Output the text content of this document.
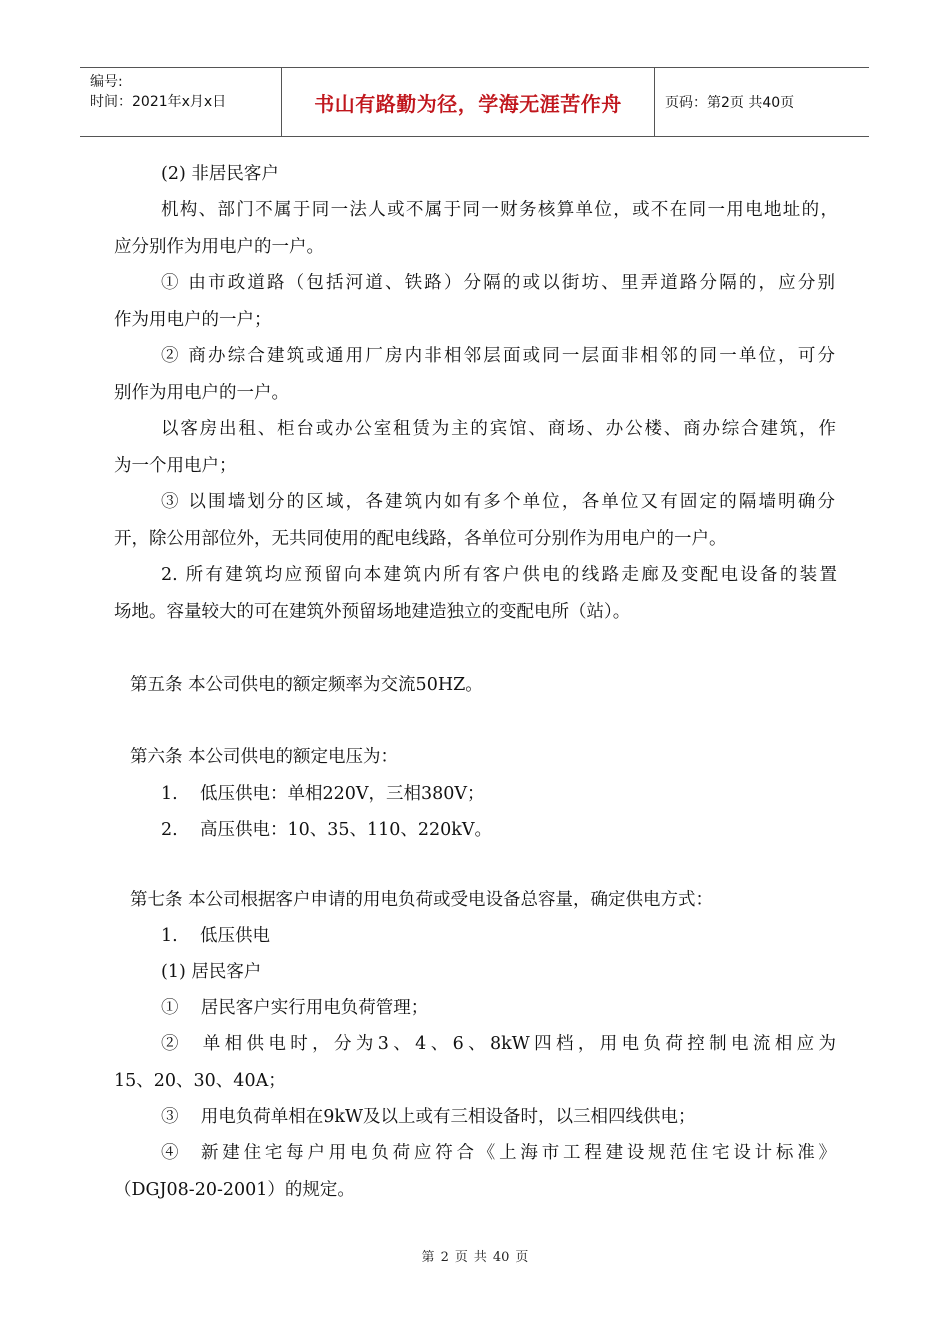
编号:
时间：2021年x月x日	书山有路勤为径，学海无涯苦作舟	页码：第2页 共40页
(2) 非居民客户
机构、部门不属于同一法人或不属于同一财务核算单位，或不在同一用电地址的，
应分别作为用电户的一户。
① 由市政道路（包括河道、铁路）分隔的或以街坊、里弄道路分隔的，应分别
作为用电户的一户；
② 商办综合建筑或通用厂房内非相邻层面或同一层面非相邻的同一单位，可分
别作为用电户的一户。
以客房出租、柜台或办公室租赁为主的宾馆、商场、办公楼、商办综合建筑，作
为一个用电户；
③ 以围墙划分的区域，各建筑内如有多个单位，各单位又有固定的隔墙明确分
开，除公用部位外，无共同使用的配电线路，各单位可分别作为用电户的一户。
2. 所有建筑均应预留向本建筑内所有客户供电的线路走廊及变配电设备的装置
场地。容量较大的可在建筑外预留场地建造独立的变配电所（站）。
第五条 本公司供电的额定频率为交流50HZ。
第六条 本公司供电的额定电压为：
1.    低压供电：单相220V，三相380V；
2.    高压供电：10、35、110、220kV。
第七条 本公司根据客户申请的用电负荷或受电设备总容量，确定供电方式：
1.    低压供电
(1) 居民客户
①    居民客户实行用电负荷管理；
②  单相供电时，分为3、4、6、8kW四档，用电负荷控制电流相应为
15、20、30、40A；
③    用电负荷单相在9kW及以上或有三相设备时，以三相四线供电；
④  新建住宅每户用电负荷应符合《上海市工程建设规范住宅设计标准》
（DGJ08-20-2001）的规定。
第 2 页 共 40 页
